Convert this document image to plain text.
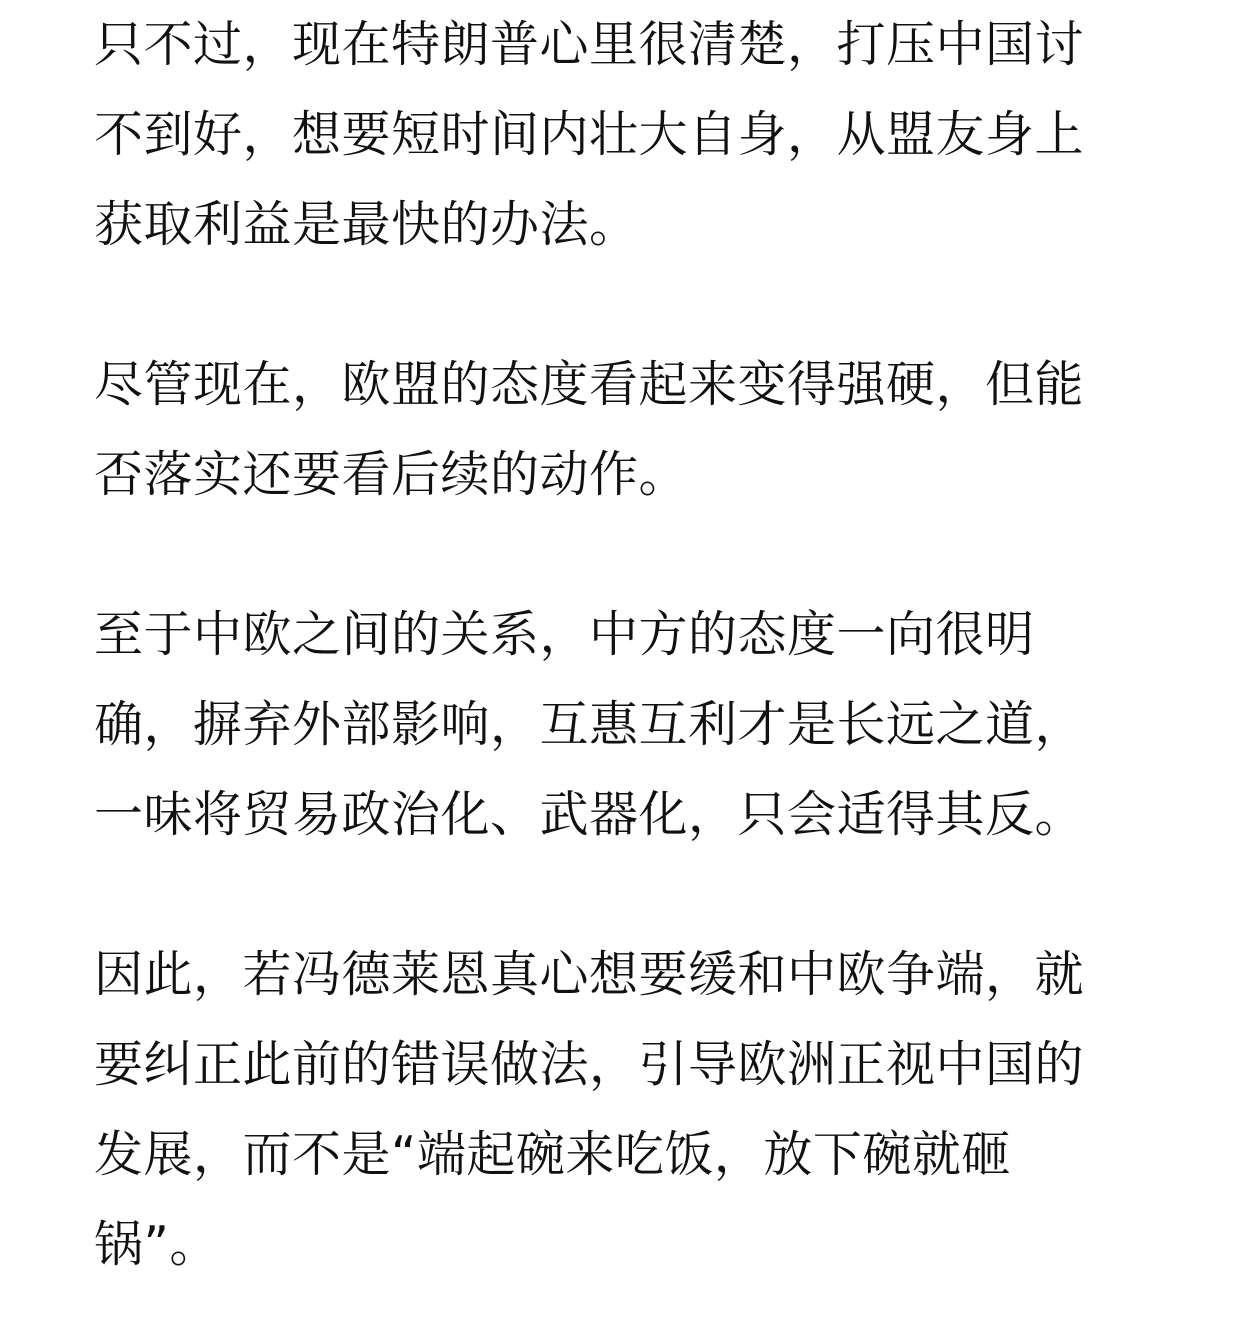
只不过，现在特朗普心里很清楚，打压中国讨
不到好，想要短时间内壮大自身，从盟友身上
获取利益是最快的办法。
尽管现在，欧盟的态度看起来变得强硬，但能
否落实还要看后续的动作。
至于中欧之间的关系，中方的态度一向很明
确，摒弃外部影响，互惠互利才是长远之道，
一味将贸易政治化、武器化，只会适得其反。
因此，若冯德莱恩真心想要缓和中欧争端，就
要纠正此前的错误做法，引导欧洲正视中国的
发展，而不是“端起碗来吃饭，放下碗就砸
锅”。
